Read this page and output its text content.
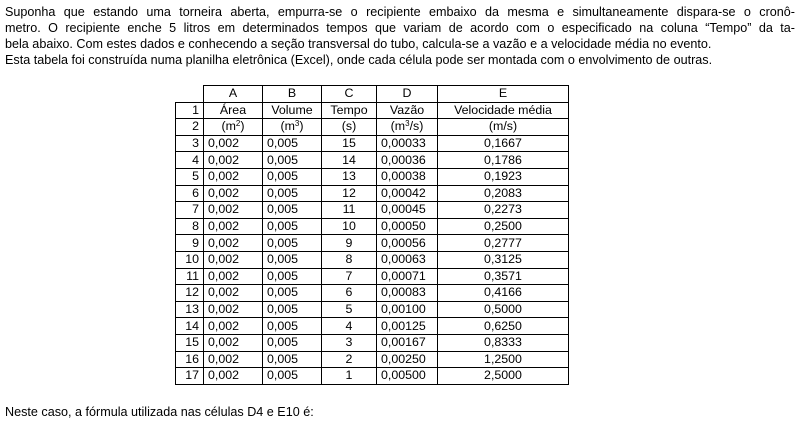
Suponha que estando uma torneira aberta, empurra-se o recipiente embaixo da mesma e simultaneamente dispara-se o cronô-
metro. O recipiente enche 5 litros em determinados tempos que variam de acordo com o especificado na coluna “Tempo” da ta-
bela abaixo. Com estes dados e conhecendo a seção transversal do tubo, calcula-se a vazão e a velocidade média no evento.
Esta tabela foi construída numa planilha eletrônica (Excel), onde cada célula pode ser montada com o envolvimento de outras.
	A	B	C	D	E
1	Área	Volume	Tempo	Vazão	Velocidade média
2	$(m^2)$	$(m^3)$	(s)	$(m^3/s)$	(m/s)
3	0,002	0,005	15	0,00033	0,1667
4	0,002	0,005	14	0,00036	0,1786
5	0,002	0,005	13	0,00038	0,1923
6	0,002	0,005	12	0,00042	0,2083
7	0,002	0,005	11	0,00045	0,2273
8	0,002	0,005	10	0,00050	0,2500
9	0,002	0,005	9	0,00056	0,2777
10	0,002	0,005	8	0,00063	0,3125
11	0,002	0,005	7	0,00071	0,3571
12	0,002	0,005	6	0,00083	0,4166
13	0,002	0,005	5	0,00100	0,5000
14	0,002	0,005	4	0,00125	0,6250
15	0,002	0,005	3	0,00167	0,8333
16	0,002	0,005	2	0,00250	1,2500
17	0,002	0,005	1	0,00500	2,5000
Neste caso, a fórmula utilizada nas células D4 e E10 é:
